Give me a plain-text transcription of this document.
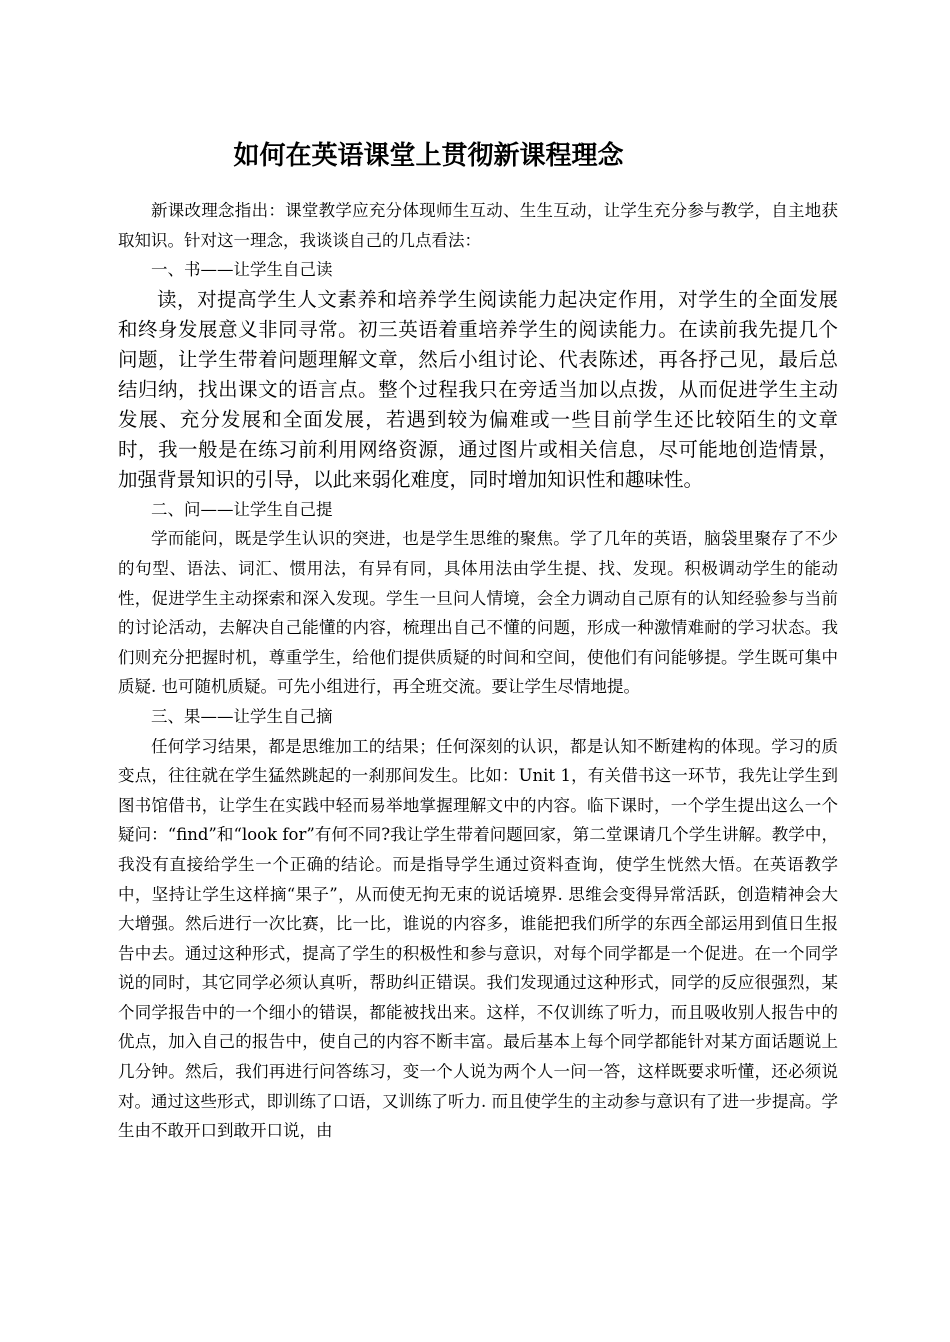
如何在英语课堂上贯彻新课程理念

新课改理念指出：课堂教学应充分体现师生互动、生生互动，让学生充分参与教学，自主地获取知识。针对这一理念，我谈谈自己的几点看法：

一、书——让学生自己读

读，对提高学生人文素养和培养学生阅读能力起决定作用，对学生的全面发展和终身发展意义非同寻常。初三英语着重培养学生的阅读能力。在读前我先提几个问题，让学生带着问题理解文章，然后小组讨论、代表陈述，再各抒己见，最后总结归纳，找出课文的语言点。整个过程我只在旁适当加以点拨，从而促进学生主动发展、充分发展和全面发展，若遇到较为偏难或一些目前学生还比较陌生的文章时，我一般是在练习前利用网络资源，通过图片或相关信息，尽可能地创造情景，加强背景知识的引导，以此来弱化难度，同时增加知识性和趣味性。

二、问——让学生自己提

学而能问，既是学生认识的突进，也是学生思维的聚焦。学了几年的英语，脑袋里聚存了不少的句型、语法、词汇、惯用法，有异有同，具体用法由学生提、找、发现。积极调动学生的能动性，促进学生主动探索和深入发现。学生一旦问人情境，会全力调动自己原有的认知经验参与当前的讨论活动，去解决自己能懂的内容，梳理出自己不懂的问题，形成一种激情难耐的学习状态。我们则充分把握时机，尊重学生，给他们提供质疑的时间和空间，使他们有问能够提。学生既可集中质疑. 也可随机质疑。可先小组进行，再全班交流。要让学生尽情地提。

三、果——让学生自己摘

任何学习结果，都是思维加工的结果；任何深刻的认识，都是认知不断建构的体现。学习的质变点，往往就在学生猛然跳起的一刹那间发生。比如：Unit 1，有关借书这一环节，我先让学生到图书馆借书，让学生在实践中轻而易举地掌握理解文中的内容。临下课时，一个学生提出这么一个疑问：“find”和“look for”有何不同?我让学生带着问题回家，第二堂课请几个学生讲解。教学中，我没有直接给学生一个正确的结论。而是指导学生通过资料查询，使学生恍然大悟。在英语教学中，坚持让学生这样摘“果子”，从而使无拘无束的说话境界. 思维会变得异常活跃，创造精神会大大增强。然后进行一次比赛，比一比，谁说的内容多，谁能把我们所学的东西全部运用到值日生报告中去。通过这种形式，提高了学生的积极性和参与意识，对每个同学都是一个促进。在一个同学说的同时，其它同学必须认真听，帮助纠正错误。我们发现通过这种形式，同学的反应很强烈，某个同学报告中的一个细小的错误，都能被找出来。这样，不仅训练了听力，而且吸收别人报告中的优点，加入自己的报告中，使自己的内容不断丰富。最后基本上每个同学都能针对某方面话题说上几分钟。然后，我们再进行问答练习，变一个人说为两个人一问一答，这样既要求听懂，还必须说对。通过这些形式，即训练了口语，又训练了听力. 而且使学生的主动参与意识有了进一步提高。学生由不敢开口到敢开口说，由
